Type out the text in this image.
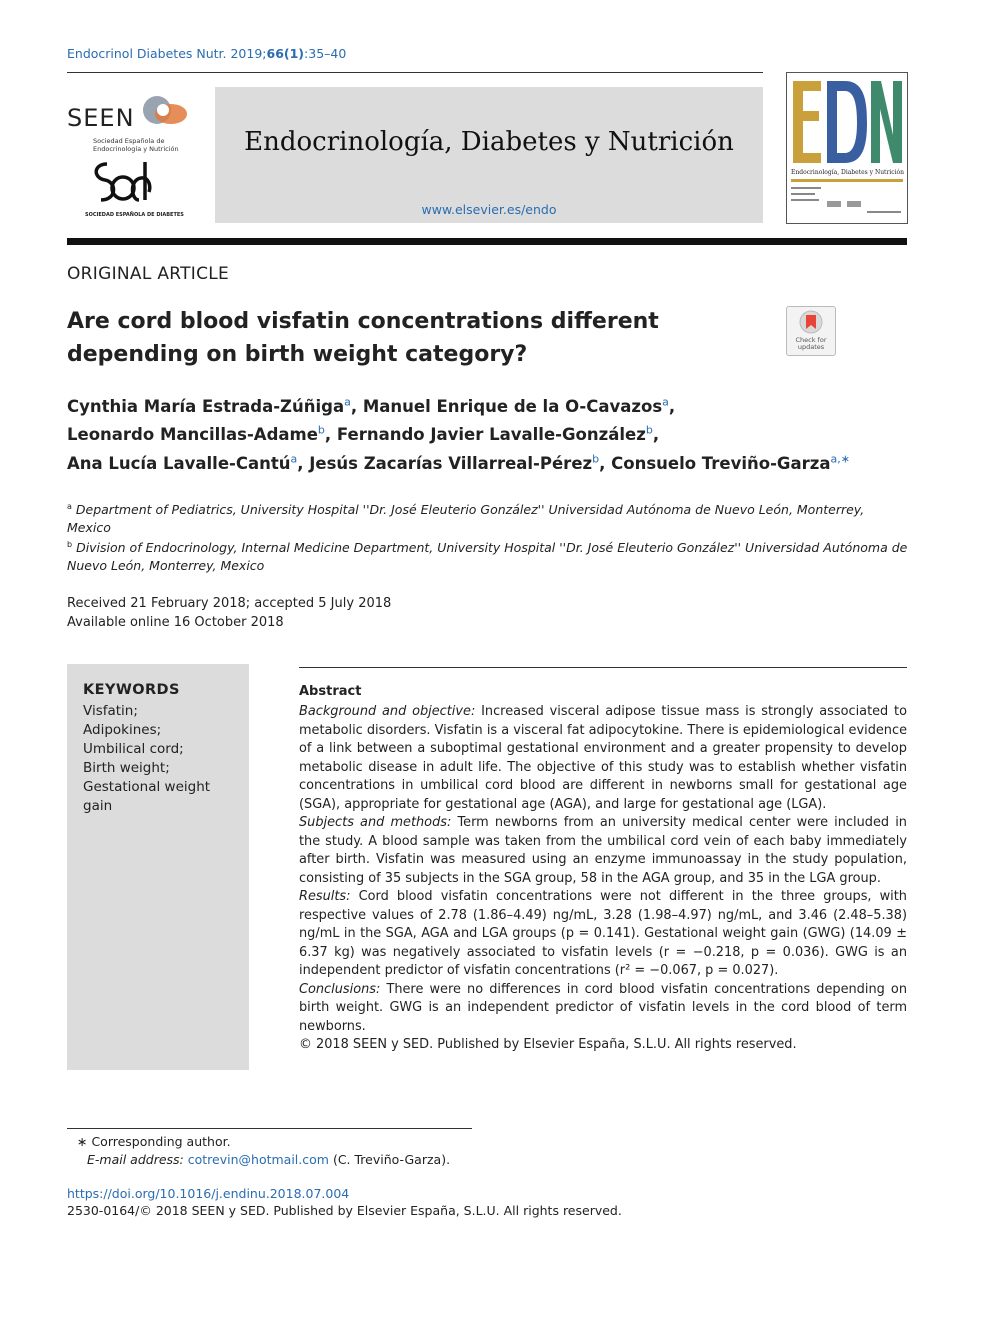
Endocrinol Diabetes Nutr. 2019;66(1):35–40
SEEN
Sociedad Española de Endocrinología y Nutrición
SOCIEDAD ESPAÑOLA DE DIABETES
Endocrinología, Diabetes y Nutrición
www.elsevier.es/endo
Endocrinología, Diabetes y Nutrición
ORIGINAL ARTICLE
Are cord blood visfatin concentrations different depending on birth weight category?
Check for updates
Cynthia María Estrada-Zúñiga$^a$, Manuel Enrique de la O-Cavazos$^a$,
Leonardo Mancillas-Adame$^b$, Fernando Javier Lavalle-González$^b$,
Ana Lucía Lavalle-Cantú$^a$, Jesús Zacarías Villarreal-Pérez$^b$, Consuelo Treviño-Garza$^{a,∗}$
$^a$ Department of Pediatrics, University Hospital ''Dr. José Eleuterio González'' Universidad Autónoma de Nuevo León, Monterrey, Mexico
$^b$ Division of Endocrinology, Internal Medicine Department, University Hospital ''Dr. José Eleuterio González'' Universidad Autónoma de Nuevo León, Monterrey, Mexico
Received 21 February 2018; accepted 5 July 2018
Available online 16 October 2018
KEYWORDS
Visfatin;
Adipokines;
Umbilical cord;
Birth weight;
Gestational weight gain
Abstract

Background and objective: Increased visceral adipose tissue mass is strongly associated to metabolic disorders. Visfatin is a visceral fat adipocytokine. There is epidemiological evidence of a link between a suboptimal gestational environment and a greater propensity to develop metabolic disease in adult life. The objective of this study was to establish whether visfatin concentrations in umbilical cord blood are different in newborns small for gestational age (SGA), appropriate for gestational age (AGA), and large for gestational age (LGA).

Subjects and methods: Term newborns from an university medical center were included in the study. A blood sample was taken from the umbilical cord vein of each baby immediately after birth. Visfatin was measured using an enzyme immunoassay in the study population, consisting of 35 subjects in the SGA group, 58 in the AGA group, and 35 in the LGA group.

Results: Cord blood visfatin concentrations were not different in the three groups, with respective values of 2.78 (1.86–4.49) ng/mL, 3.28 (1.98–4.97) ng/mL, and 3.46 (2.48–5.38) ng/mL in the SGA, AGA and LGA groups (p = 0.141). Gestational weight gain (GWG) (14.09 ± 6.37 kg) was negatively associated to visfatin levels (r = −0.218, p = 0.036). GWG is an independent predictor of visfatin concentrations (r² = −0.067, p = 0.027).

Conclusions: There were no differences in cord blood visfatin concentrations depending on birth weight. GWG is an independent predictor of visfatin levels in the cord blood of term newborns.

© 2018 SEEN y SED. Published by Elsevier España, S.L.U. All rights reserved.

∗ Corresponding author.
E-mail address: cotrevin@hotmail.com (C. Treviño-Garza).
https://doi.org/10.1016/j.endinu.2018.07.004
2530-0164/© 2018 SEEN y SED. Published by Elsevier España, S.L.U. All rights reserved.
